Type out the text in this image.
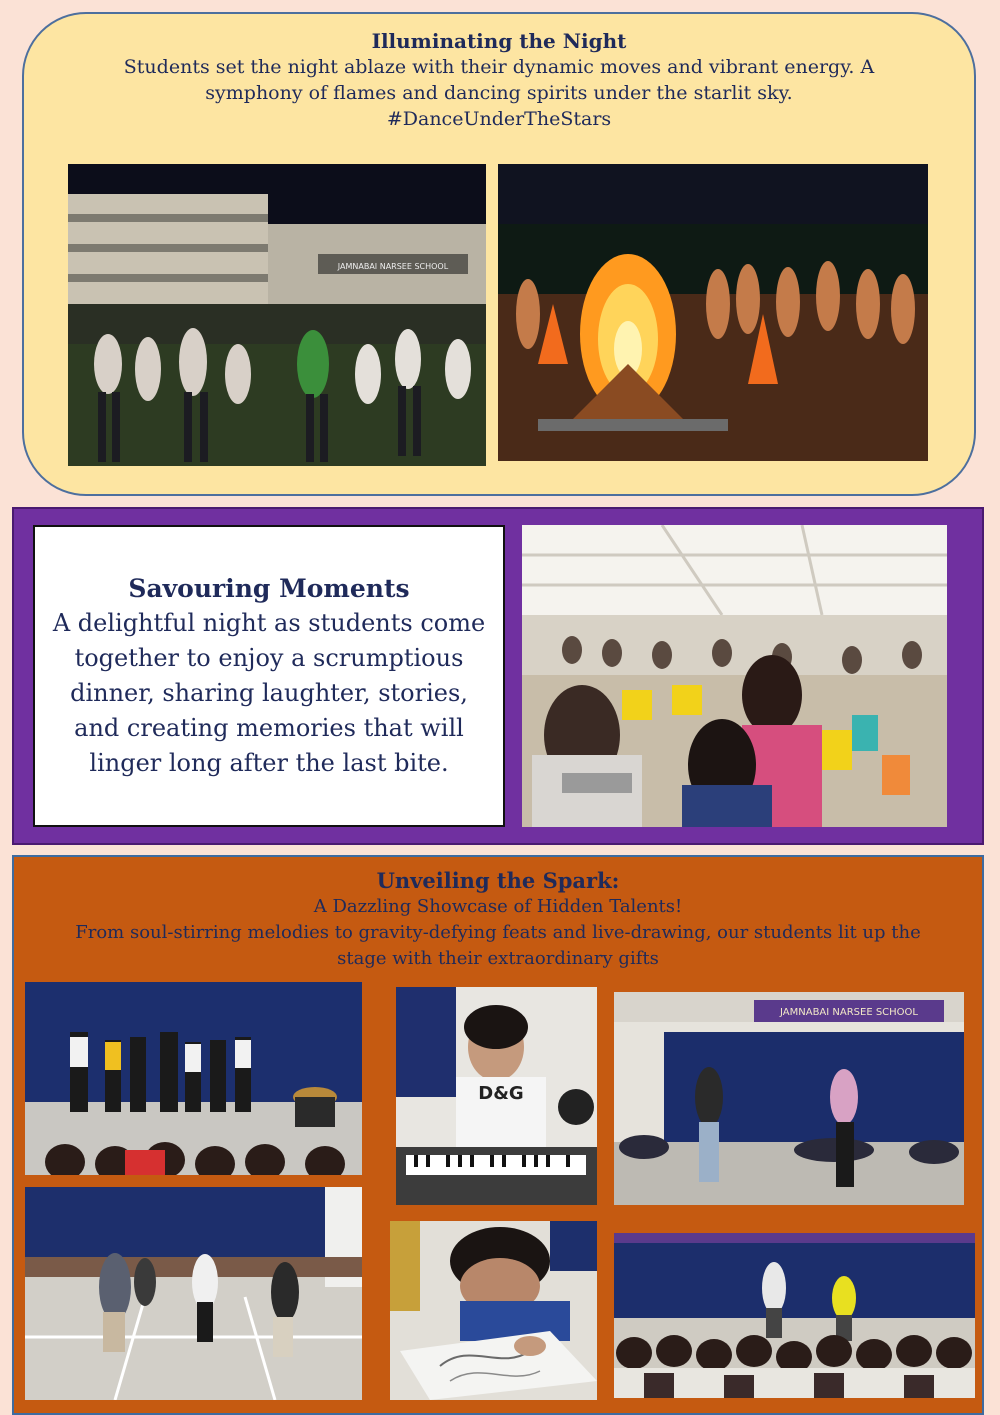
Illuminating the Night
Students set the night ablaze with their dynamic moves and vibrant energy. A
symphony of flames and dancing spirits under the starlit sky.
#DanceUnderTheStars
JAMNABAI NARSEE SCHOOL
Savouring Moments
A delightful night as students come
together to enjoy a scrumptious
dinner, sharing laughter, stories,
and creating memories that will
linger long after the last bite.
Unveiling the Spark:
A Dazzling Showcase of Hidden Talents!
From soul-stirring melodies to gravity-defying feats and live-drawing, our students lit up the
stage with their extraordinary gifts
D&G
JAMNABAI NARSEE SCHOOL
